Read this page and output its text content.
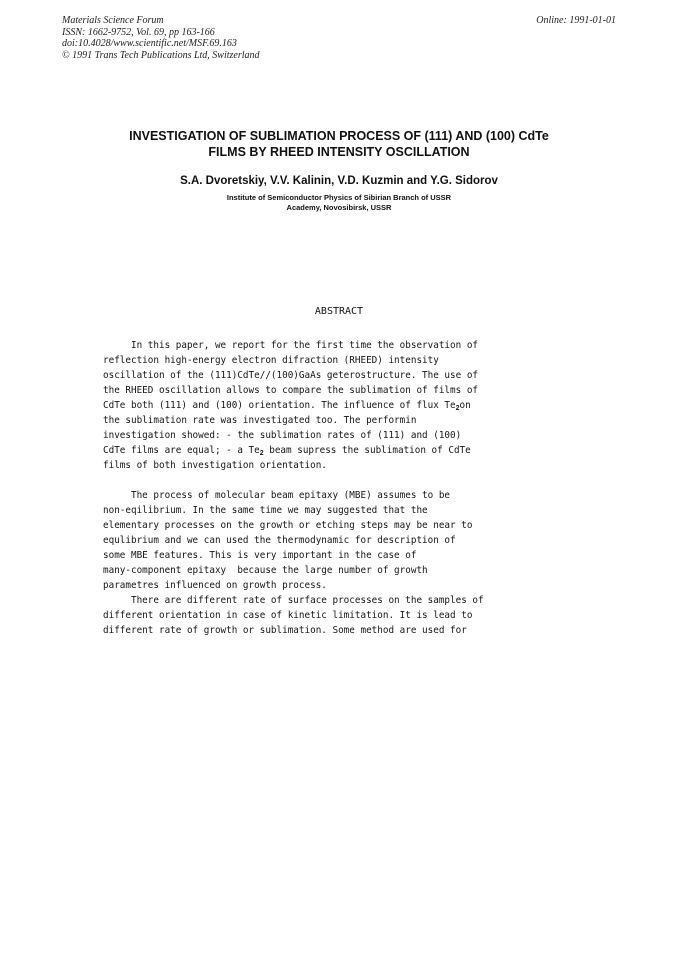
Materials Science Forum
ISSN: 1662-9752, Vol. 69, pp 163-166
doi:10.4028/www.scientific.net/MSF.69.163
© 1991 Trans Tech Publications Ltd, Switzerland
Online: 1991-01-01
INVESTIGATION OF SUBLIMATION PROCESS OF (111) AND (100) CdTe
FILMS BY RHEED INTENSITY OSCILLATION
S.A. Dvoretskiy, V.V. Kalinin, V.D. Kuzmin and Y.G. Sidorov
Institute of Semiconductor Physics of Sibirian Branch of USSR
Academy, Novosibirsk, USSR
ABSTRACT
In this paper, we report for the first time the observation of
reflection high-energy electron difraction (RHEED) intensity
oscillation of the (111)CdTe//(100)GaAs geterostructure. The use of
the RHEED oscillation allows to compare the sublimation of films of
CdTe both (111) and (100) orientation. The influence of flux $Te_2on$
the sublimation rate was investigated too. The performin
investigation showed: - the sublimation rates of (111) and (100)
CdTe films are equal; - a $Te_2$ beam supress the sublimation of CdTe
films of both investigation orientation.
The process of molecular beam epitaxy (MBE) assumes to be
non-eqilibrium. In the same time we may suggested that the
elementary processes on the growth or etching steps may be near to
equlibrium and we can used the thermodynamic for description of
some MBE features. This is very important in the case of
many-component epitaxy  because the large number of growth
parametres influenced on growth process.
There are different rate of surface processes on the samples of
different orientation in case of kinetic limitation. It is lead to
different rate of growth or sublimation. Some method are used for
